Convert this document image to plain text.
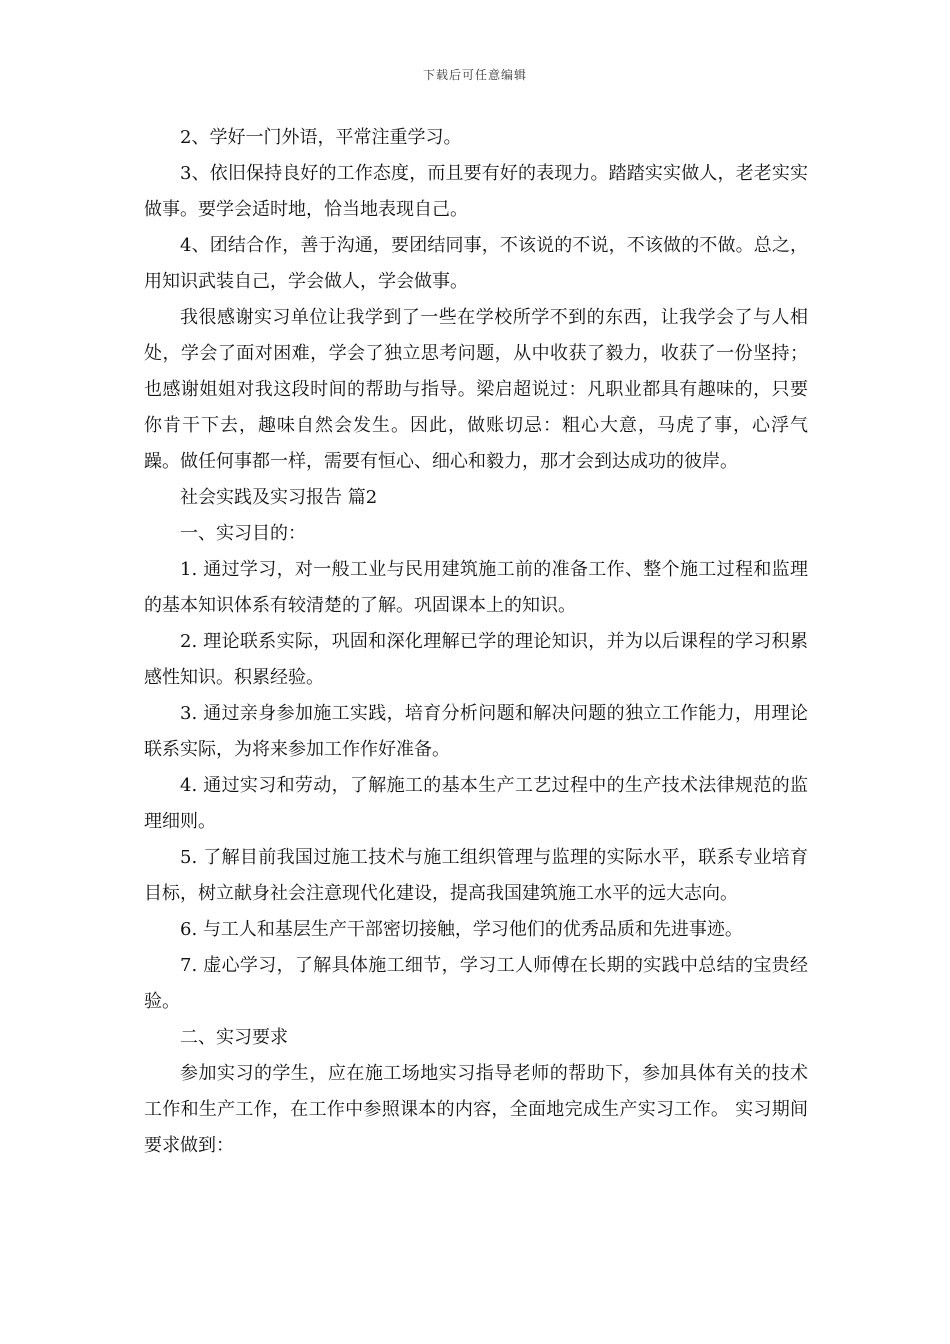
下载后可任意编辑

2、学好一门外语，平常注重学习。

3、依旧保持良好的工作态度，而且要有好的表现力。踏踏实实做人，老老实实做事。要学会适时地，恰当地表现自己。

4、团结合作，善于沟通，要团结同事，不该说的不说，不该做的不做。总之，用知识武装自己，学会做人，学会做事。

我很感谢实习单位让我学到了一些在学校所学不到的东西，让我学会了与人相处，学会了面对困难，学会了独立思考问题，从中收获了毅力，收获了一份坚持；也感谢姐姐对我这段时间的帮助与指导。梁启超说过：凡职业都具有趣味的，只要你肯干下去，趣味自然会发生。因此，做账切忌：粗心大意，马虎了事，心浮气躁。做任何事都一样，需要有恒心、细心和毅力，那才会到达成功的彼岸。

社会实践及实习报告 篇2

一、实习目的：

1. 通过学习，对一般工业与民用建筑施工前的准备工作、整个施工过程和监理的基本知识体系有较清楚的了解。巩固课本上的知识。

2. 理论联系实际，巩固和深化理解已学的理论知识，并为以后课程的学习积累感性知识。积累经验。

3. 通过亲身参加施工实践，培育分析问题和解决问题的独立工作能力，用理论联系实际，为将来参加工作作好准备。

4. 通过实习和劳动，了解施工的基本生产工艺过程中的生产技术法律规范的监理细则。

5. 了解目前我国过施工技术与施工组织管理与监理的实际水平，联系专业培育目标，树立献身社会注意现代化建设，提高我国建筑施工水平的远大志向。

6. 与工人和基层生产干部密切接触，学习他们的优秀品质和先进事迹。

7. 虚心学习，了解具体施工细节，学习工人师傅在长期的实践中总结的宝贵经验。

二、实习要求

参加实习的学生，应在施工场地实习指导老师的帮助下，参加具体有关的技术工作和生产工作，在工作中参照课本的内容，全面地完成生产实习工作。 实习期间要求做到：
